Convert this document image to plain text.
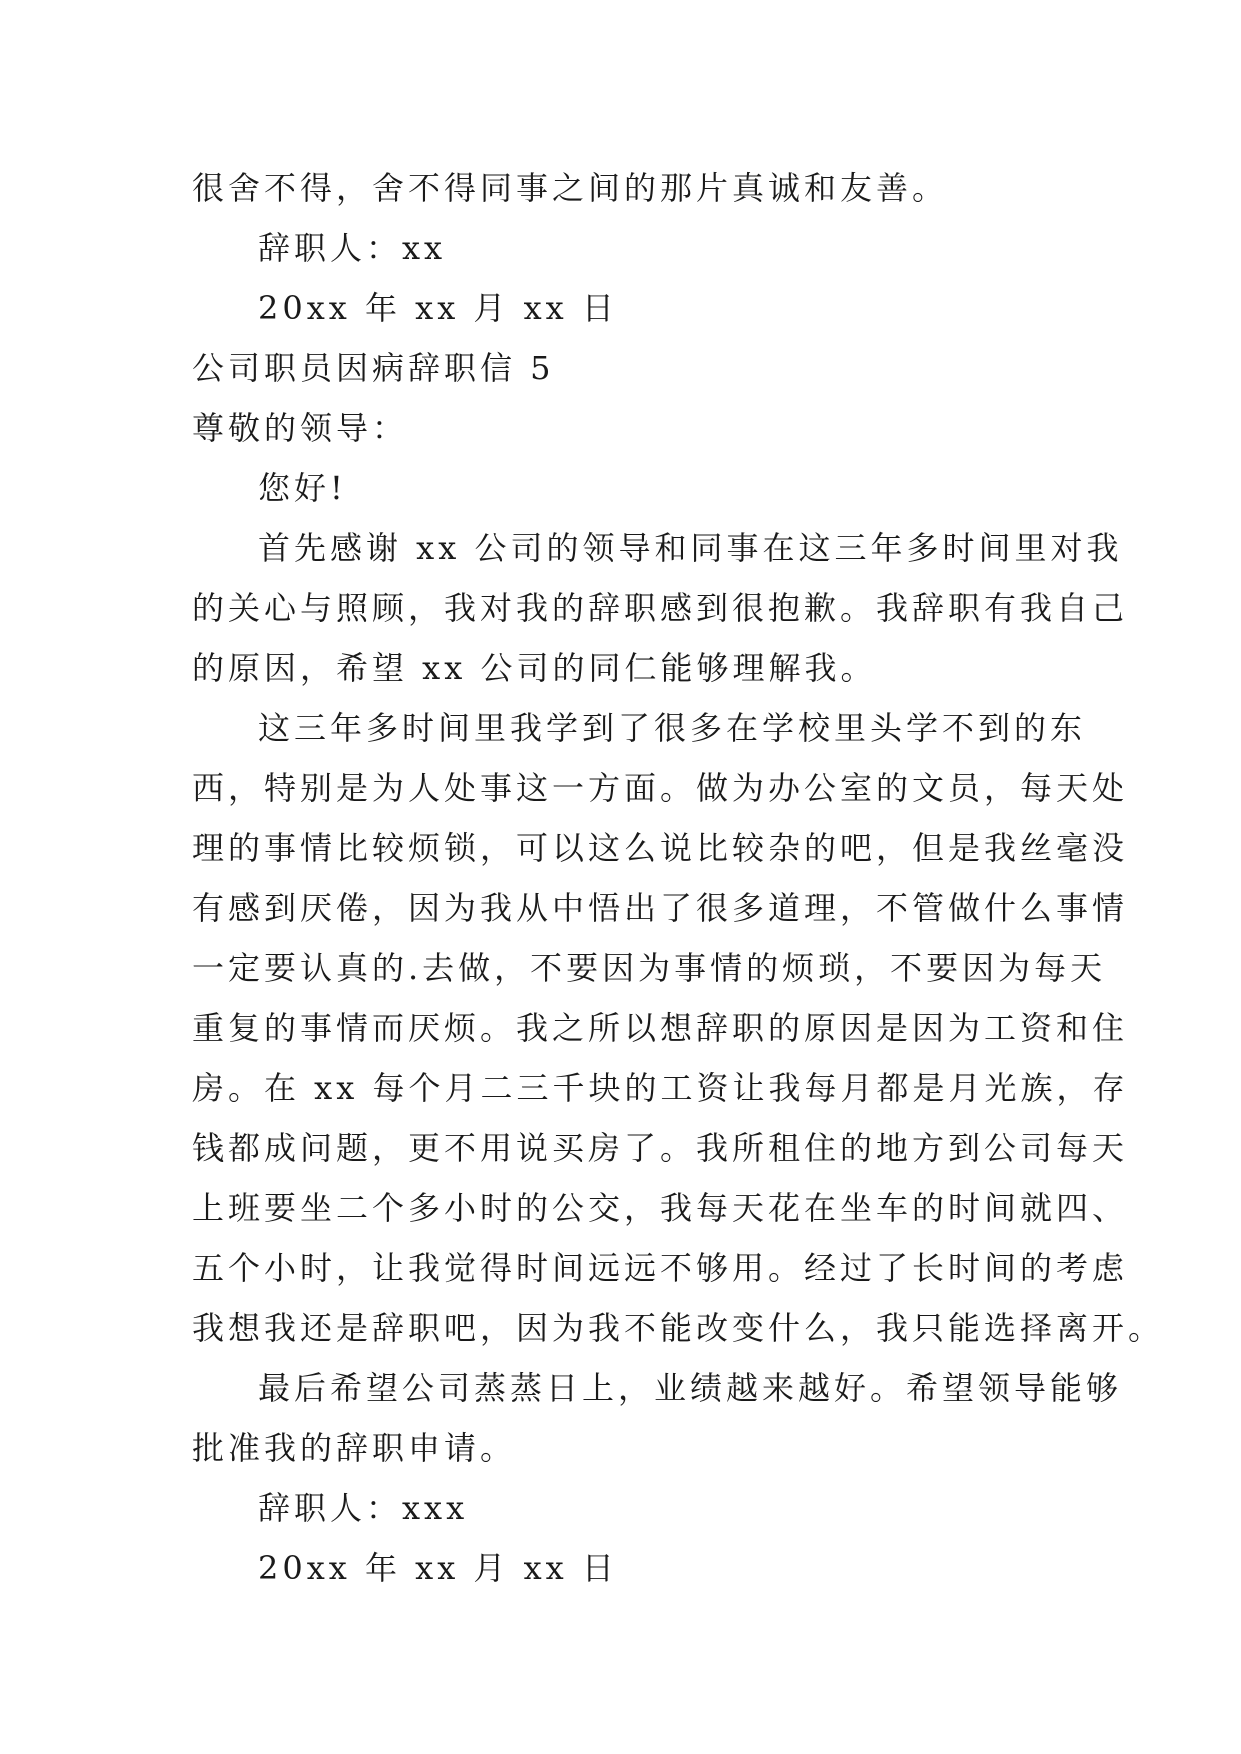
很舍不得，舍不得同事之间的那片真诚和友善。
辞职人：xx
20xx 年 xx 月 xx 日
公司职员因病辞职信 5
尊敬的领导：
您好!
首先感谢 xx 公司的领导和同事在这三年多时间里对我
的关心与照顾，我对我的辞职感到很抱歉。我辞职有我自己
的原因，希望 xx 公司的同仁能够理解我。
这三年多时间里我学到了很多在学校里头学不到的东
西，特别是为人处事这一方面。做为办公室的文员，每天处
理的事情比较烦锁，可以这么说比较杂的吧，但是我丝毫没
有感到厌倦，因为我从中悟出了很多道理，不管做什么事情
一定要认真的.去做，不要因为事情的烦琐，不要因为每天
重复的事情而厌烦。我之所以想辞职的原因是因为工资和住
房。在 xx 每个月二三千块的工资让我每月都是月光族，存
钱都成问题，更不用说买房了。我所租住的地方到公司每天
上班要坐二个多小时的公交，我每天花在坐车的时间就四、
五个小时，让我觉得时间远远不够用。经过了长时间的考虑
我想我还是辞职吧，因为我不能改变什么，我只能选择离开。
最后希望公司蒸蒸日上，业绩越来越好。希望领导能够
批准我的辞职申请。
辞职人：xxx
20xx 年 xx 月 xx 日
